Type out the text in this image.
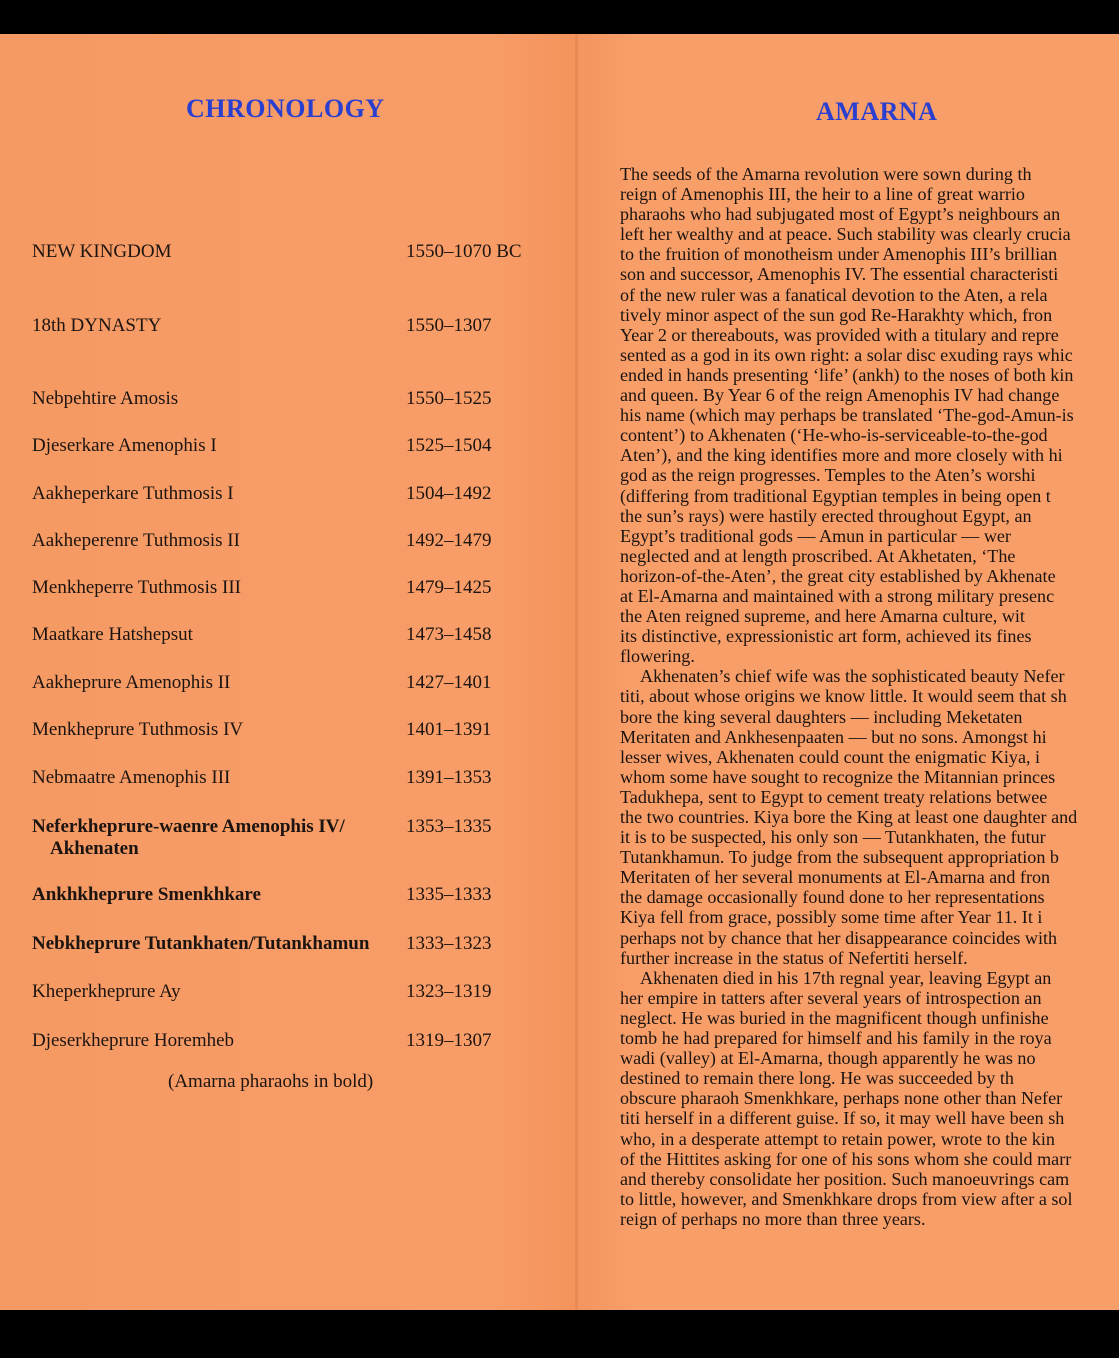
CHRONOLOGY
NEW KINGDOM	1550–1070 BC
18th DYNASTY	1550–1307
Nebpehtire Amosis	1550–1525
Djeserkare Amenophis I	1525–1504
Aakheperkare Tuthmosis I	1504–1492
Aakheperenre Tuthmosis II	1492–1479
Menkheperre Tuthmosis III	1479–1425
Maatkare Hatshepsut	1473–1458
Aakheprure Amenophis II	1427–1401
Menkheprure Tuthmosis IV	1401–1391
Nebmaatre Amenophis III	1391–1353
Neferkheprure-waenre Amenophis IV/
Akhenaten
1353–1335
Ankhkheprure Smenkhkare	1335–1333
Nebkheprure Tutankhaten/Tutankhamun	1333–1323
Kheperkheprure Ay	1323–1319
Djeserkheprure Horemheb	1319–1307
(Amarna pharaohs in bold)
AMARNA
The seeds of the Amarna revolution were sown during th
reign of Amenophis III, the heir to a line of great warrio
pharaohs who had subjugated most of Egypt’s neighbours an
left her wealthy and at peace. Such stability was clearly crucia
to the fruition of monotheism under Amenophis III’s brillian
son and successor, Amenophis IV. The essential characteristi
of the new ruler was a fanatical devotion to the Aten, a rela
tively minor aspect of the sun god Re-Harakhty which, fron
Year 2 or thereabouts, was provided with a titulary and repre
sented as a god in its own right: a solar disc exuding rays whic
ended in hands presenting ‘life’ (ankh) to the noses of both kin
and queen. By Year 6 of the reign Amenophis IV had change
his name (which may perhaps be translated ‘The-god-Amun-is
content’) to Akhenaten (‘He-who-is-serviceable-to-the-god
Aten’), and the king identifies more and more closely with hi
god as the reign progresses. Temples to the Aten’s worshi
(differing from traditional Egyptian temples in being open t
the sun’s rays) were hastily erected throughout Egypt, an
Egypt’s traditional gods — Amun in particular — wer
neglected and at length proscribed. At Akhetaten, ‘The
horizon-of-the-Aten’, the great city established by Akhenate
at El-Amarna and maintained with a strong military presenc
the Aten reigned supreme, and here Amarna culture, wit
its distinctive, expressionistic art form, achieved its fines
flowering.
Akhenaten’s chief wife was the sophisticated beauty Nefer
titi, about whose origins we know little. It would seem that sh
bore the king several daughters — including Meketaten
Meritaten and Ankhesenpaaten — but no sons. Amongst hi
lesser wives, Akhenaten could count the enigmatic Kiya, i
whom some have sought to recognize the Mitannian princes
Tadukhepa, sent to Egypt to cement treaty relations betwee
the two countries. Kiya bore the King at least one daughter and
it is to be suspected, his only son — Tutankhaten, the futur
Tutankhamun. To judge from the subsequent appropriation b
Meritaten of her several monuments at El-Amarna and fron
the damage occasionally found done to her representations
Kiya fell from grace, possibly some time after Year 11. It i
perhaps not by chance that her disappearance coincides with
further increase in the status of Nefertiti herself.
Akhenaten died in his 17th regnal year, leaving Egypt an
her empire in tatters after several years of introspection an
neglect. He was buried in the magnificent though unfinishe
tomb he had prepared for himself and his family in the roya
wadi (valley) at El-Amarna, though apparently he was no
destined to remain there long. He was succeeded by th
obscure pharaoh Smenkhkare, perhaps none other than Nefer
titi herself in a different guise. If so, it may well have been sh
who, in a desperate attempt to retain power, wrote to the kin
of the Hittites asking for one of his sons whom she could marr
and thereby consolidate her position. Such manoeuvrings cam
to little, however, and Smenkhkare drops from view after a sol
reign of perhaps no more than three years.
